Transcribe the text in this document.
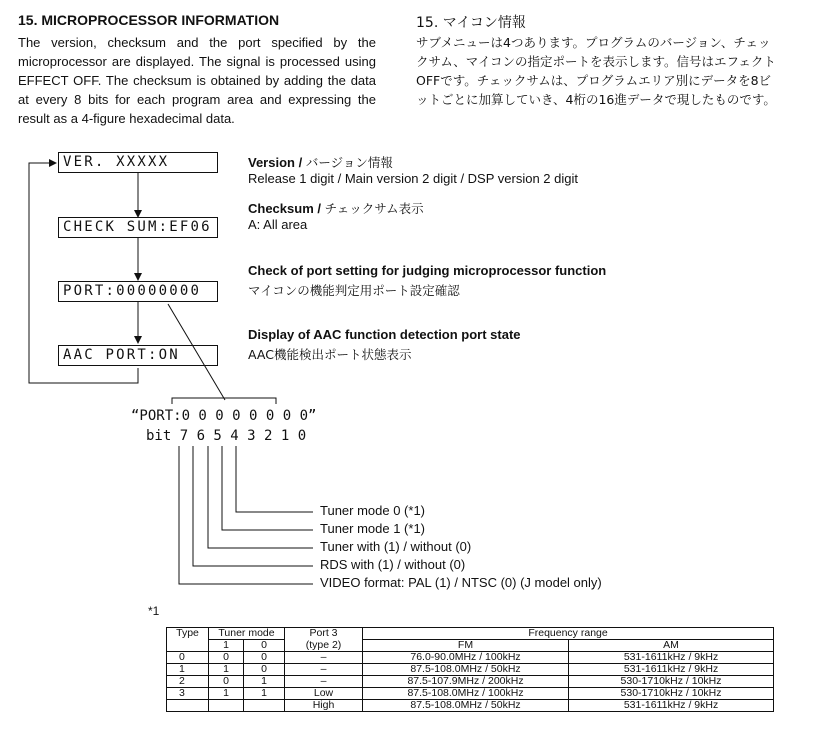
15. MICROPROCESSOR INFORMATION
The version, checksum and the port specified by the microprocessor are displayed. The signal is processed using EFFECT OFF. The checksum is obtained by adding the data at every 8 bits for each program area and expressing the result as a 4-figure hexadecimal data.
15. マイコン情報
サブメニューは4つあります。プログラムのバージョン、チェックサム、マイコンの指定ポートを表示します。信号はエフェクトOFFです。チェックサムは、プログラムエリア別にデータを8ビットごとに加算していき、4桁の16進データで現したものです。
VER. XXXXX
CHECK SUM:EF06
PORT:00000000
AAC PORT:ON
Version / バージョン情報
Release 1 digit / Main version 2 digit / DSP version 2 digit
Checksum / チェックサム表示
A: All area
Check of port setting for judging microprocessor function
マイコンの機能判定用ポート設定確認
Display of AAC function detection port state
AAC機能検出ポート状態表示
“PORT:0 0 0 0 0 0 0 0”
bit 7 6 5 4 3 2 1 0
Tuner mode 0 (*1)
Tuner mode 1 (*1)
Tuner with (1) / without (0)
RDS with (1) / without (0)
VIDEO format: PAL (1) / NTSC (0) (J model only)
*1
Type	Tuner mode		Port 3	Frequency range	
	1	0	(type 2)	FM	AM
0	0	0	–	76.0-90.0MHz / 100kHz	531-1611kHz / 9kHz
1	1	0	–	87.5-108.0MHz / 50kHz	531-1611kHz / 9kHz
2	0	1	–	87.5-107.9MHz / 200kHz	530-1710kHz / 10kHz
3	1	1	Low	87.5-108.0MHz / 100kHz	530-1710kHz / 10kHz
			High	87.5-108.0MHz / 50kHz	531-1611kHz / 9kHz
